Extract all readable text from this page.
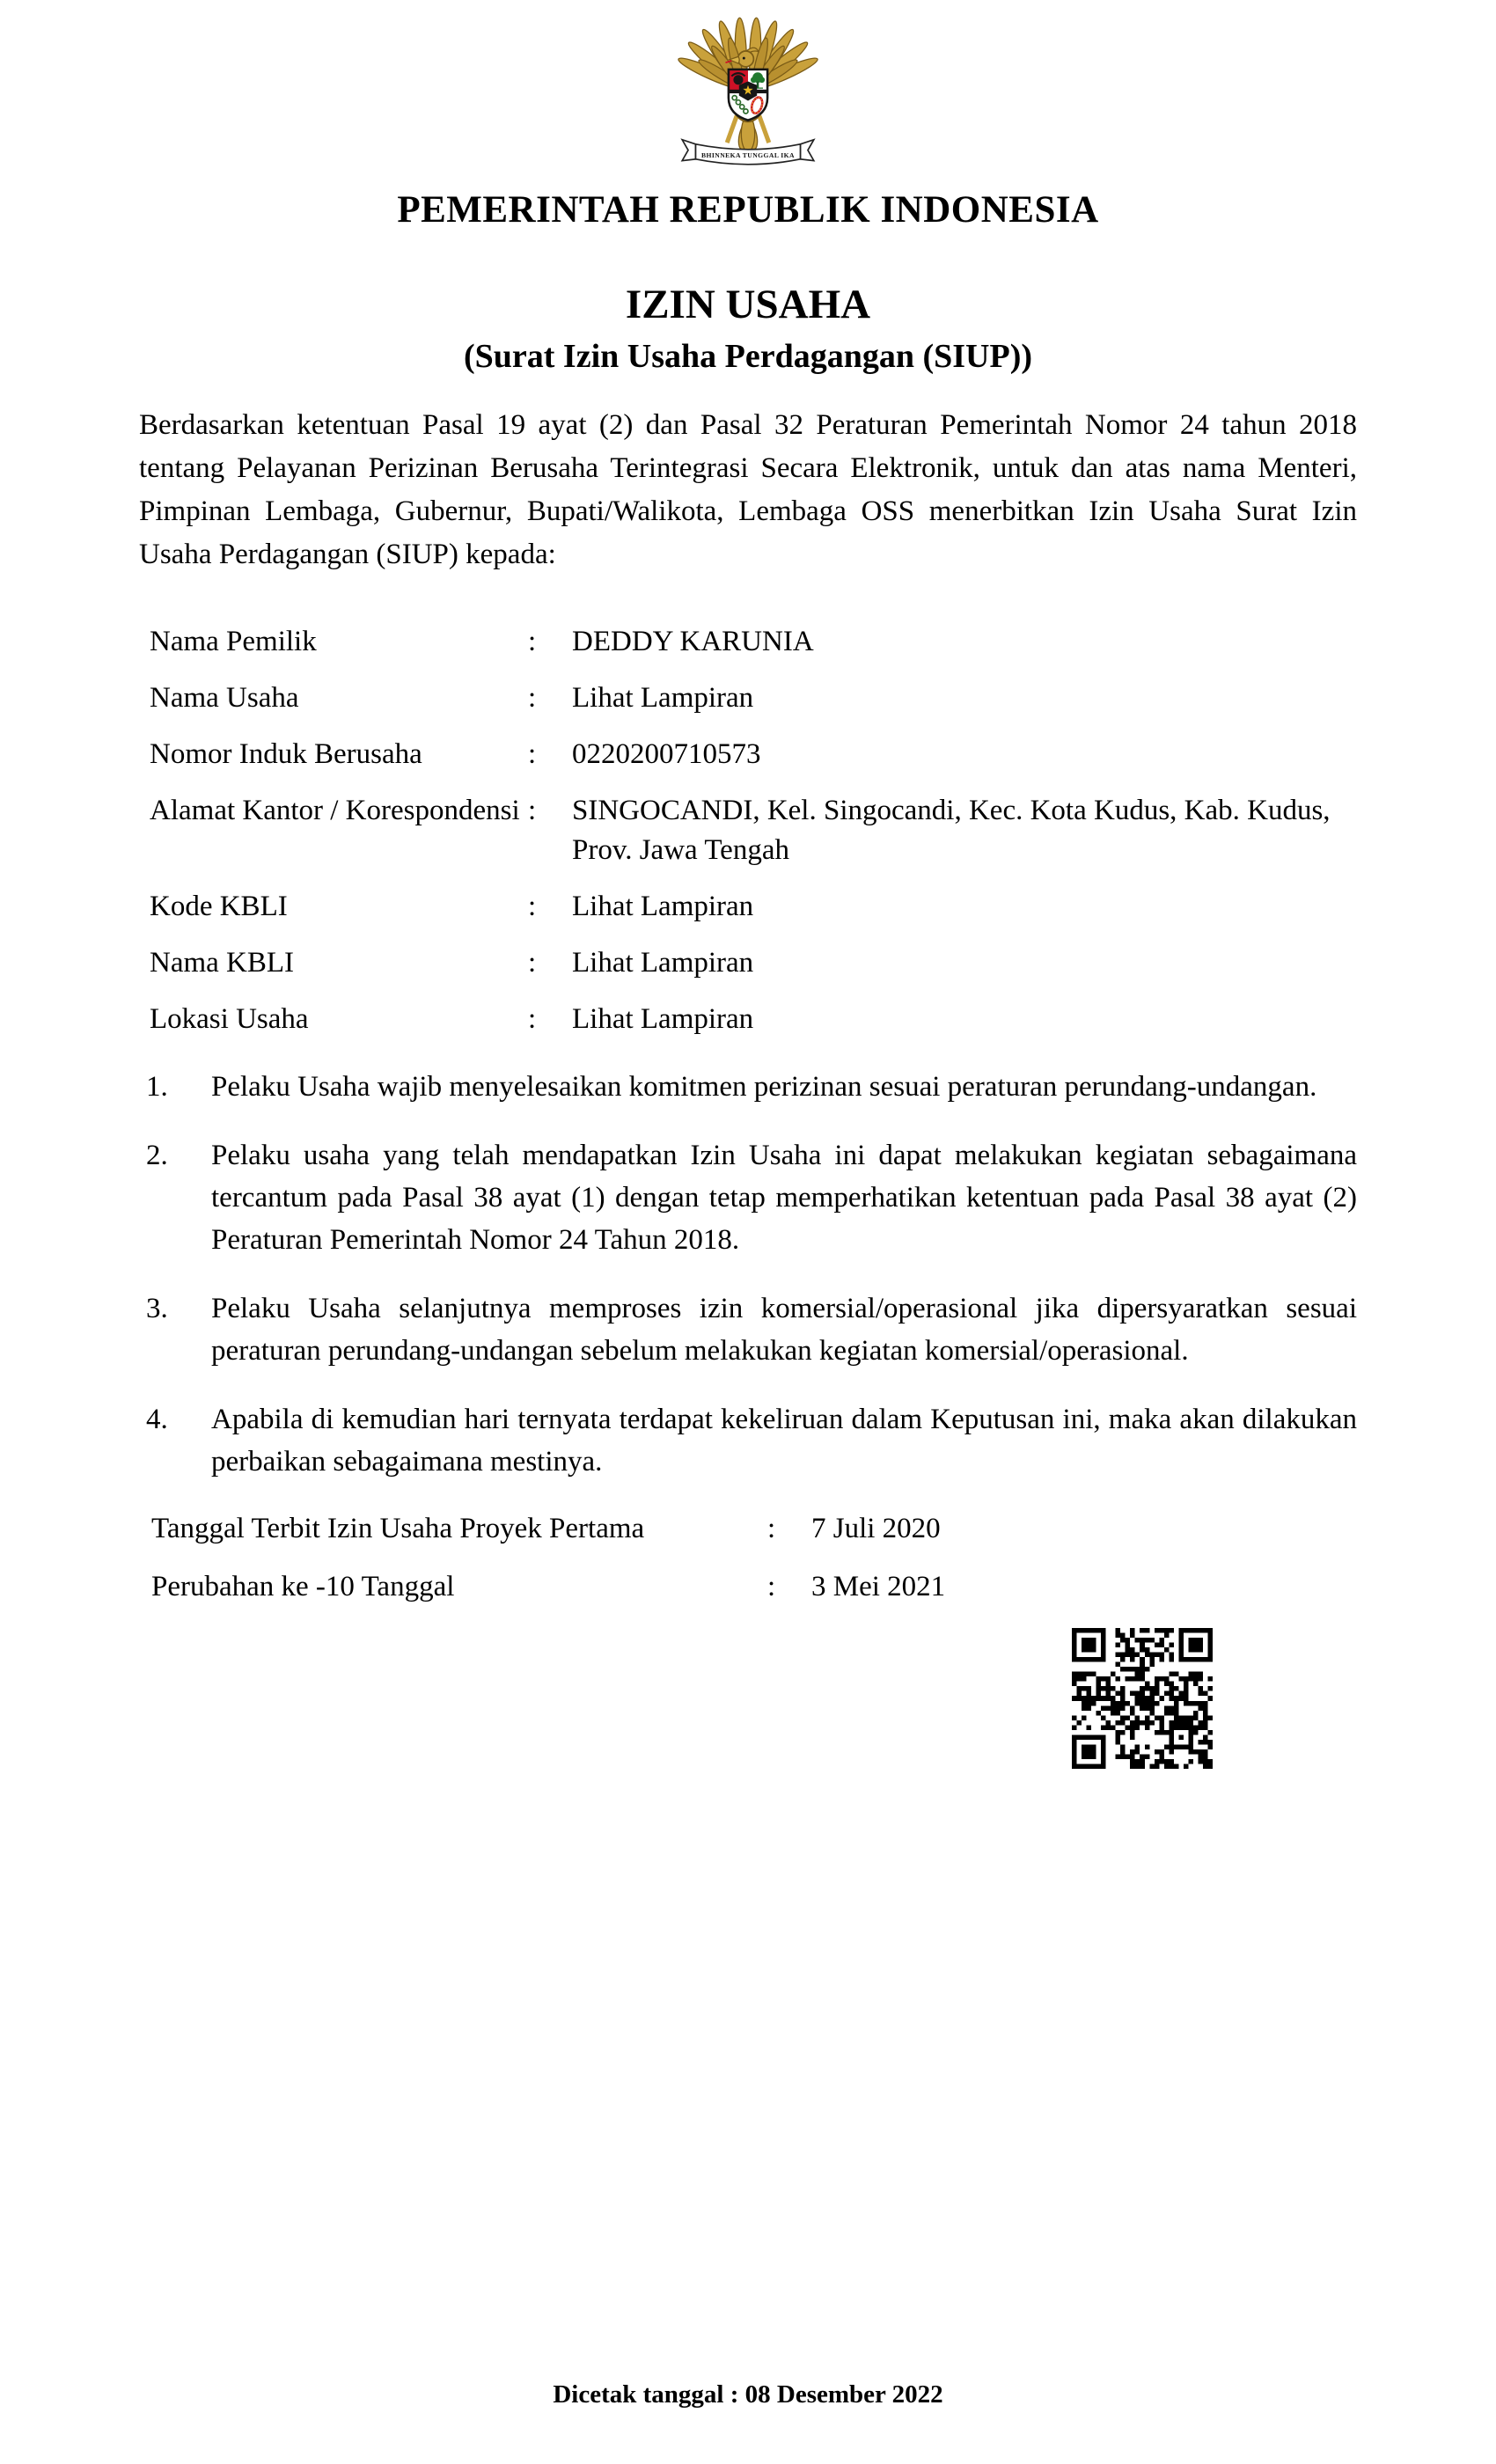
BHINNEKA TUNGGAL IKA
PEMERINTAH REPUBLIK INDONESIA
IZIN USAHA
(Surat Izin Usaha Perdagangan (SIUP))
Berdasarkan ketentuan Pasal 19 ayat (2) dan Pasal 32 Peraturan Pemerintah Nomor 24 tahun 2018 tentang Pelayanan Perizinan Berusaha Terintegrasi Secara Elektronik, untuk dan atas nama Menteri, Pimpinan Lembaga, Gubernur, Bupati/Walikota, Lembaga OSS menerbitkan Izin Usaha Surat Izin Usaha Perdagangan (SIUP) kepada:
Nama Pemilik	:	DEDDY KARUNIA
Nama Usaha	:	Lihat Lampiran
Nomor Induk Berusaha	:	0220200710573
Alamat Kantor / Korespondensi :	SINGOCANDI, Kel. Singocandi, Kec. Kota Kudus, Kab. Kudus, Prov. Jawa Tengah
Kode KBLI	:	Lihat Lampiran
Nama KBLI	:	Lihat Lampiran
Lokasi Usaha	:	Lihat Lampiran
1. Pelaku Usaha wajib menyelesaikan komitmen perizinan sesuai peraturan perundang-undangan.
2. Pelaku usaha yang telah mendapatkan Izin Usaha ini dapat melakukan kegiatan sebagaimana tercantum pada Pasal 38 ayat (1) dengan tetap memperhatikan ketentuan pada Pasal 38 ayat (2) Peraturan Pemerintah Nomor 24 Tahun 2018.
3. Pelaku Usaha selanjutnya memproses izin komersial/operasional jika dipersyaratkan sesuai peraturan perundang-undangan sebelum melakukan kegiatan komersial/operasional.
4. Apabila di kemudian hari ternyata terdapat kekeliruan dalam Keputusan ini, maka akan dilakukan perbaikan sebagaimana mestinya.
Tanggal Terbit Izin Usaha Proyek Pertama	:	7 Juli 2020
Perubahan ke -10 Tanggal	:	3 Mei 2021
Dicetak tanggal : 08 Desember 2022
